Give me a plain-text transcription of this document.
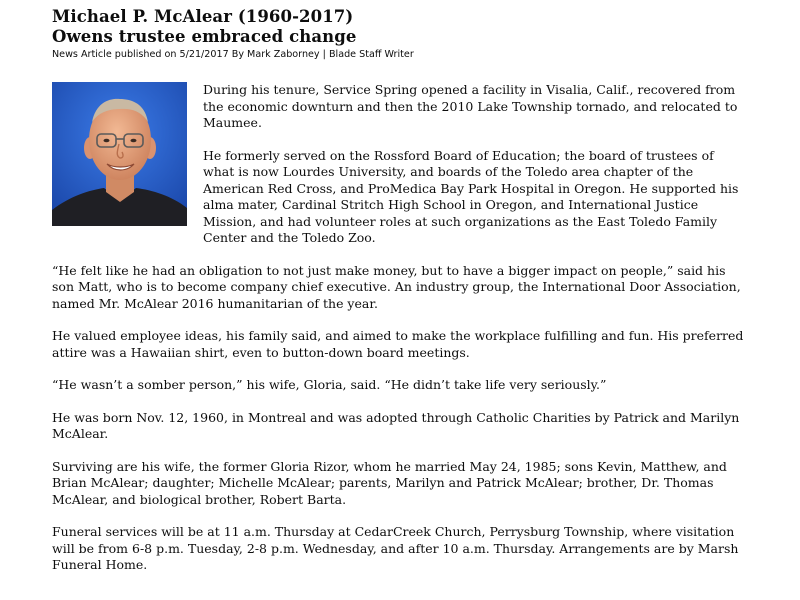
Michael P. McAlear (1960-2017)
Owens trustee embraced change
News Article published on 5/21/2017 By Mark Zaborney | Blade Staff Writer

During his tenure, Service Spring opened a facility in Visalia, Calif., recovered from the economic downturn and then the 2010 Lake Township tornado, and relocated to Maumee.

He formerly served on the Rossford Board of Education; the board of trustees of what is now Lourdes University, and boards of the Toledo area chapter of the American Red Cross, and ProMedica Bay Park Hospital in Oregon. He supported his alma mater, Cardinal Stritch High School in Oregon, and International Justice Mission, and had volunteer roles at such organizations as the East Toledo Family Center and the Toledo Zoo.

“He felt like he had an obligation to not just make money, but to have a bigger impact on people,” said his son Matt, who is to become company chief executive. An industry group, the International Door Association, named Mr. McAlear 2016 humanitarian of the year.

He valued employee ideas, his family said, and aimed to make the workplace fulfilling and fun. His preferred attire was a Hawaiian shirt, even to button-down board meetings.

“He wasn’t a somber person,” his wife, Gloria, said. “He didn’t take life very seriously.”

He was born Nov. 12, 1960, in Montreal and was adopted through Catholic Charities by Patrick and Marilyn McAlear.

Surviving are his wife, the former Gloria Rizor, whom he married May 24, 1985; sons Kevin, Matthew, and Brian McAlear; daughter; Michelle McAlear; parents, Marilyn and Patrick McAlear; brother, Dr. Thomas McAlear, and biological brother, Robert Barta.

Funeral services will be at 11 a.m. Thursday at CedarCreek Church, Perrysburg Township, where visitation will be from 6-8 p.m. Tuesday, 2-8 p.m. Wednesday, and after 10 a.m. Thursday. Arrangements are by Marsh Funeral Home.
